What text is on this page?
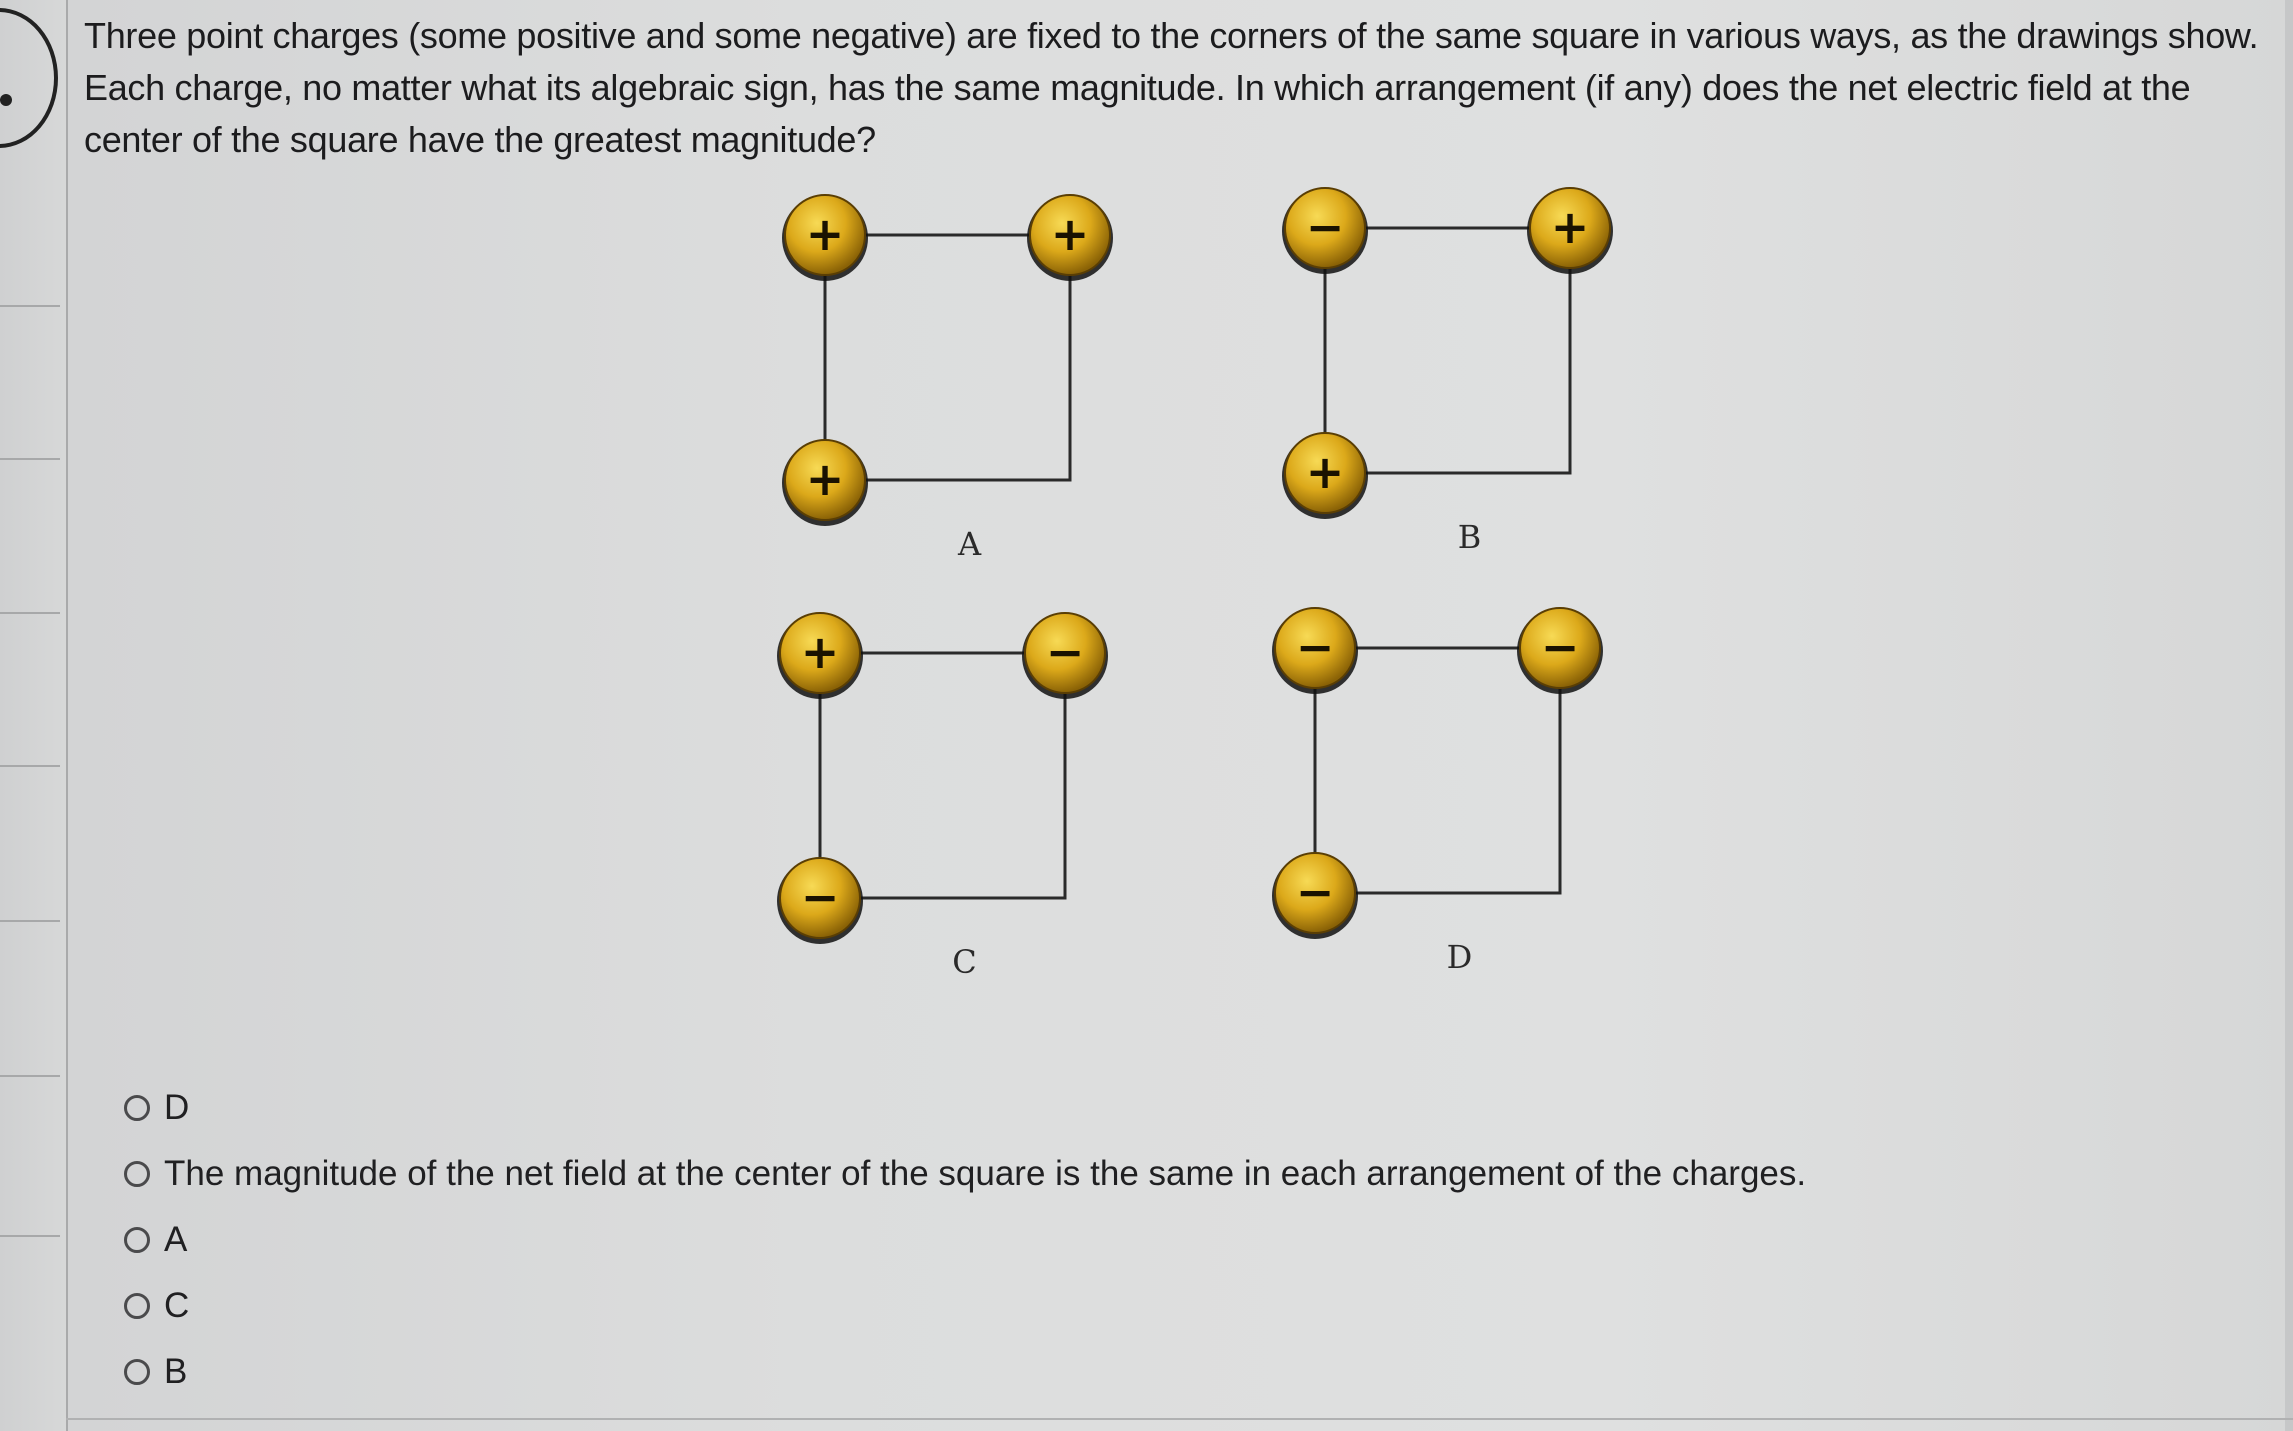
Three point charges (some positive and some negative) are fixed to the corners of the same square in various ways, as the drawings show. Each charge, no matter what its algebraic sign, has the same magnitude. In which arrangement (if any) does the net electric field at the center of the square have the greatest magnitude?
+	+
+
A
−	+
+
B
+	−
−
C
−	−
−
D
D
The magnitude of the net field at the center of the square is the same in each arrangement of the charges.
A
C
B
